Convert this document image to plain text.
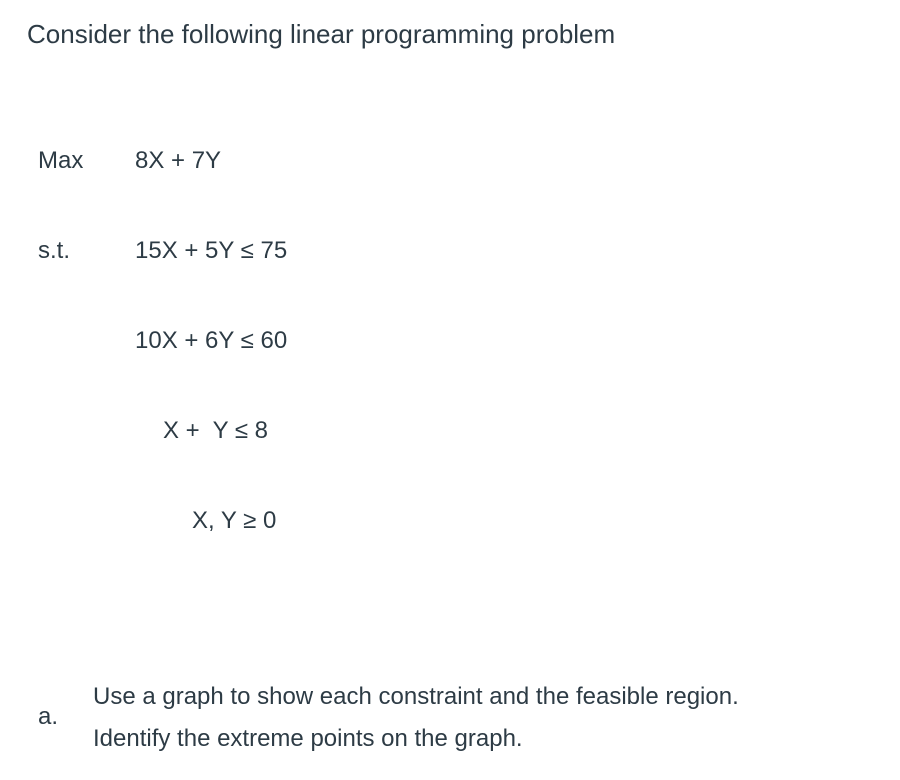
Consider the following linear programming problem
Max 8X + 7Y
s.t.	15X + 5Y ≤ 75
10X + 6Y ≤ 60
X +  Y ≤ 8
X, Y ≥ 0
a.
Use a graph to show each constraint and the feasible region.
Identify the extreme points on the graph.
